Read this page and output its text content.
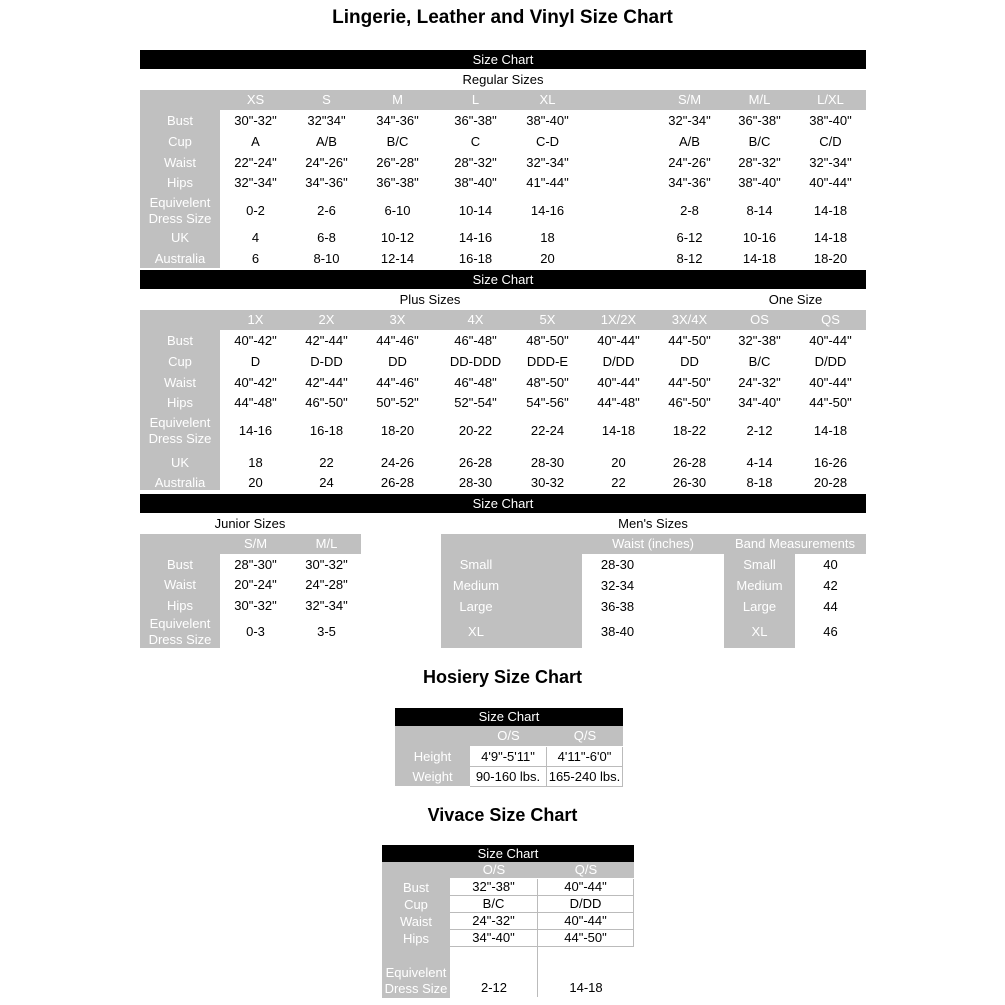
Lingerie, Leather and Vinyl Size Chart
Size Chart
Regular Sizes
XS	S	M	L	XL	S/M	M/L	L/XL
Bust	30"-32"	32"34"	34"-36"	36"-38"	38"-40"	32"-34"	36"-38"	38"-40"
Cup	A	A/B	B/C	C	C-D	A/B	B/C	C/D
Waist	22"-24"	24"-26"	26"-28"	28"-32"	32"-34"	24"-26"	28"-32"	32"-34"
Hips	32"-34"	34"-36"	36"-38"	38"-40"	41"-44"	34"-36"	38"-40"	40"-44"
Equivelent
Dress Size
0-2	2-6	6-10	10-14	14-16	2-8	8-14	14-18
UK	4	6-8	10-12	14-16	18	6-12	10-16	14-18
Australia	6	8-10	12-14	16-18	20	8-12	14-18	18-20
Size Chart
Plus Sizes	One Size
1X	2X	3X	4X	5X	1X/2X	3X/4X	OS	QS
Bust	40"-42"	42"-44"	44"-46"	46"-48"	48"-50"	40"-44"	44"-50"	32"-38"	40"-44"
Cup	D	D-DD	DD	DD-DDD	DDD-E	D/DD	DD	B/C	D/DD
Waist	40"-42"	42"-44"	44"-46"	46"-48"	48"-50"	40"-44"	44"-50"	24"-32"	40"-44"
Hips	44"-48"	46"-50"	50"-52"	52"-54"	54"-56"	44"-48"	46"-50"	34"-40"	44"-50"
Equivelent
Dress Size
14-16	16-18	18-20	20-22	22-24	14-18	18-22	2-12	14-18
UK	18	22	24-26	26-28	28-30	20	26-28	4-14	16-26
Australia	20	24	26-28	28-30	30-32	22	26-30	8-18	20-28
Size Chart
Junior Sizes	Men's Sizes
S/M	M/L
Bust	28"-30"	30"-32"
Waist	20"-24"	24"-28"
Hips	30"-32"	32"-34"
Equivelent
Dress Size
0-3	3-5
Waist (inches)	Band Measurements
Small	28-30	Small	40
Medium	32-34	Medium	42
Large	36-38	Large	44
XL	38-40	XL	46
Hosiery Size Chart
Size Chart
O/S	Q/S
Height	4'9"-5'11"	4'11"-6'0"
Weight	90-160 lbs. 165-240 lbs.
Vivace Size Chart
Size Chart
O/S	Q/S
Bust	32"-38"	40"-44"
Cup	B/C	D/DD
Waist	24"-32"	40"-44"
Hips	34"-40"	44"-50"
Equivelent
Dress Size	2-12	14-18
